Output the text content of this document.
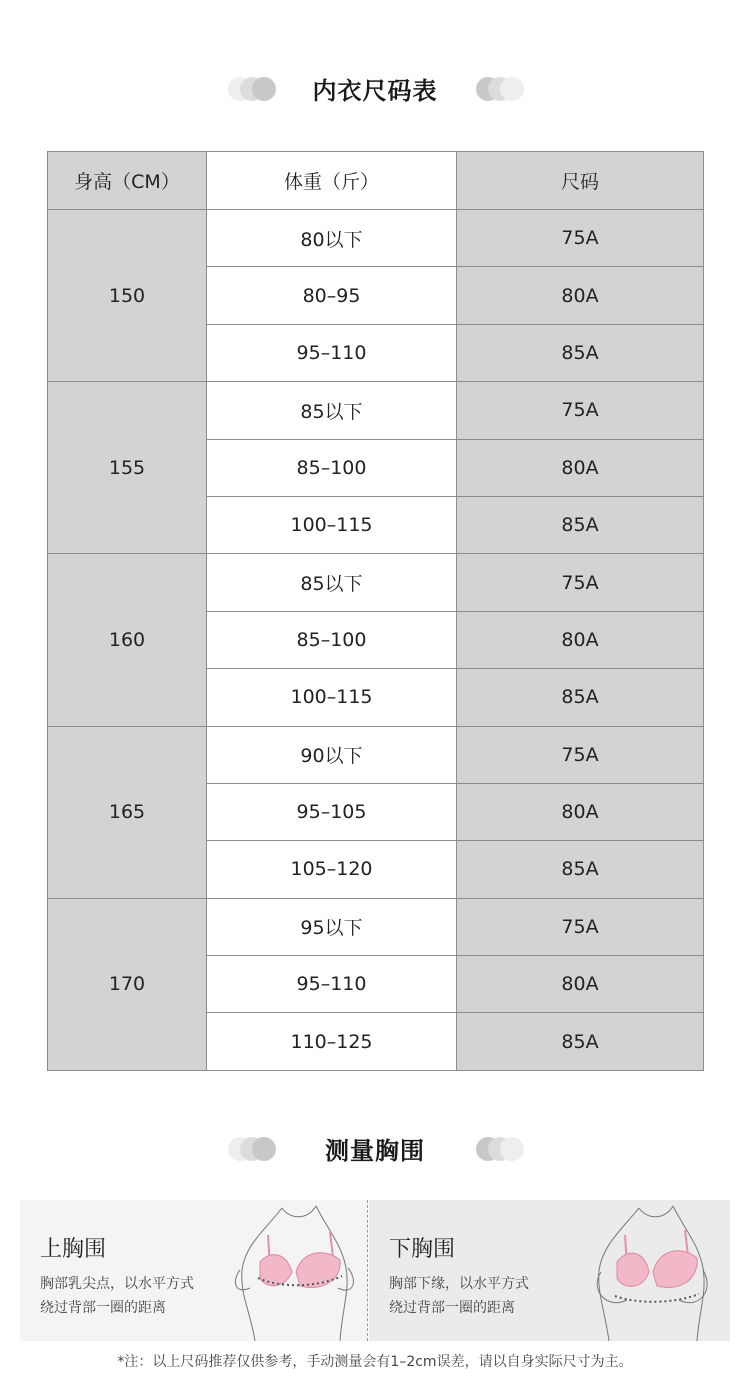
内衣尺码表
身高（CM）	体重（斤）	尺码
150	80以下	75A
	80–95	80A
	95–110	85A
155	85以下	75A
	85–100	80A
	100–115	85A
160	85以下	75A
	85–100	80A
	100–115	85A
165	90以下	75A
	95–105	80A
	105–120	85A
170	95以下	75A
	95–110	80A
	110–125	85A
测量胸围
上胸围
胸部乳尖点，以水平方式
绕过背部一圈的距离
下胸围
胸部下缘，以水平方式
绕过背部一圈的距离
*注：以上尺码推荐仅供参考，手动测量会有1–2cm误差，请以自身实际尺寸为主。
